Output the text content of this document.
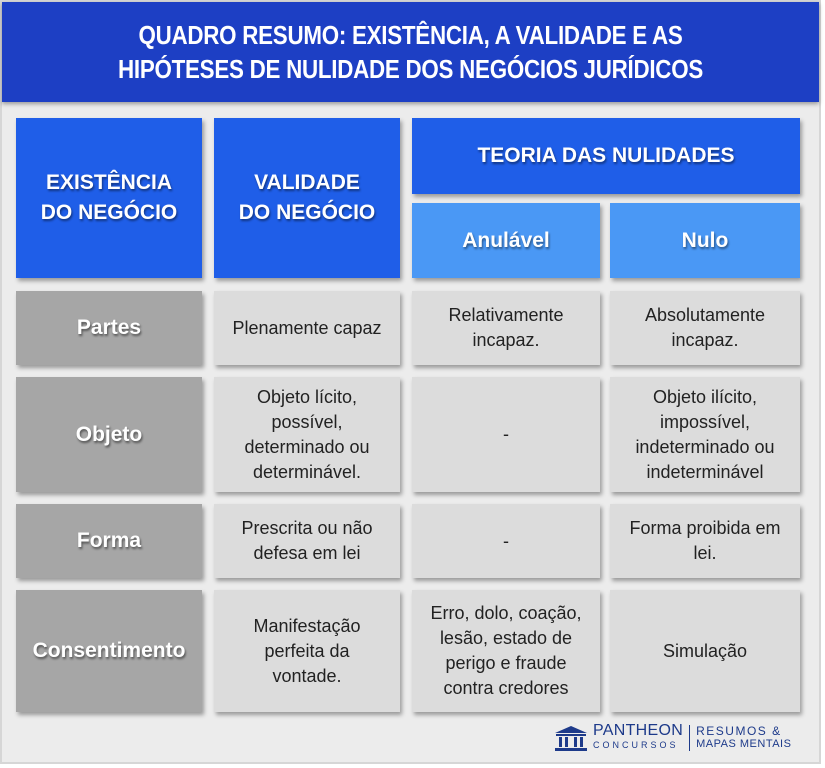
QUADRO RESUMO: EXISTÊNCIA, A VALIDADE E AS HIPÓTESES DE NULIDADE DOS NEGÓCIOS JURÍDICOS
EXISTÊNCIA DO NEGÓCIO
VALIDADE DO NEGÓCIO
TEORIA DAS NULIDADES
Anulável	Nulo
Partes	Plenamente capaz
Relativamente incapaz.
Absolutamente incapaz.
Objeto
Objeto lícito, possível, determinado ou determinável.
-
Objeto ilícito, impossível, indeterminado ou indeterminável
Forma
Prescrita ou não defesa em lei
-
Forma proibida em lei.
Consentimento
Manifestação perfeita da vontade.
Erro, dolo, coação, lesão, estado de perigo e fraude contra credores
Simulação
PANTHEON
CONCURSOS
RESUMOS &
MAPAS MENTAIS
